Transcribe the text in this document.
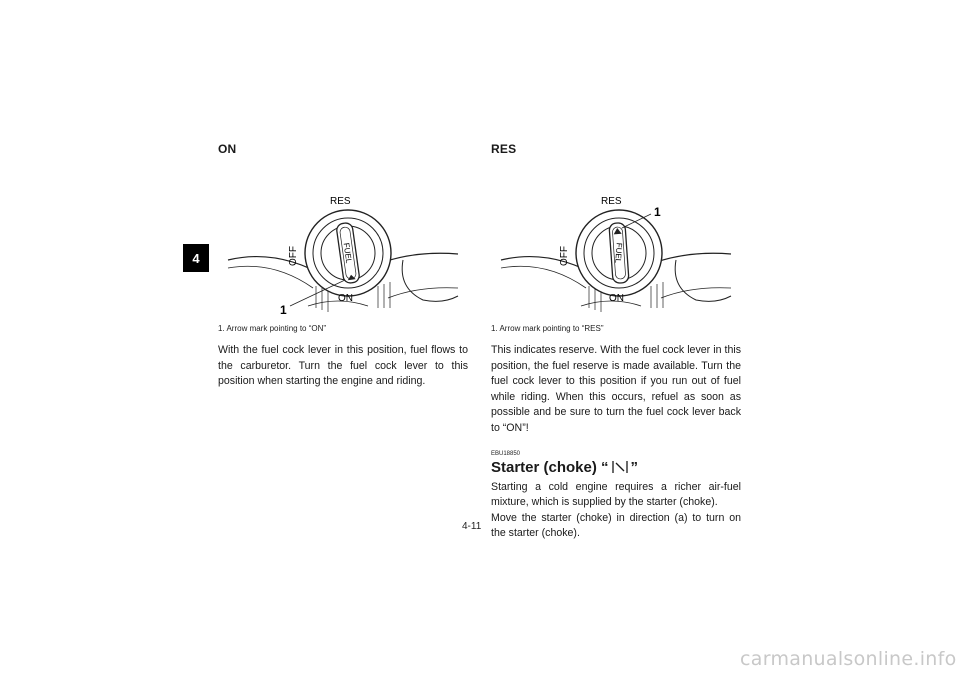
4
ON
FUEL
RES
OFF
ON
1
1. Arrow mark pointing to “ON”

With the fuel cock lever in this position, fuel flows to the carburetor. Turn the fuel cock lever to this position when starting the engine and riding.

RES
FUEL
RES
OFF
ON
1
1. Arrow mark pointing to “RES”

This indicates reserve. With the fuel cock lever in this position, the fuel reserve is made available. Turn the fuel cock lever to this position if you run out of fuel while riding. When this occurs, refuel as soon as possible and be sure to turn the fuel cock lever back to “ON”!

EBU18850
Starter (choke) “ ”

Starting a cold engine requires a richer air-fuel mixture, which is supplied by the starter (choke).

Move the starter (choke) in direction (a) to turn on the starter (choke).

4-11
carmanualsonline.info
